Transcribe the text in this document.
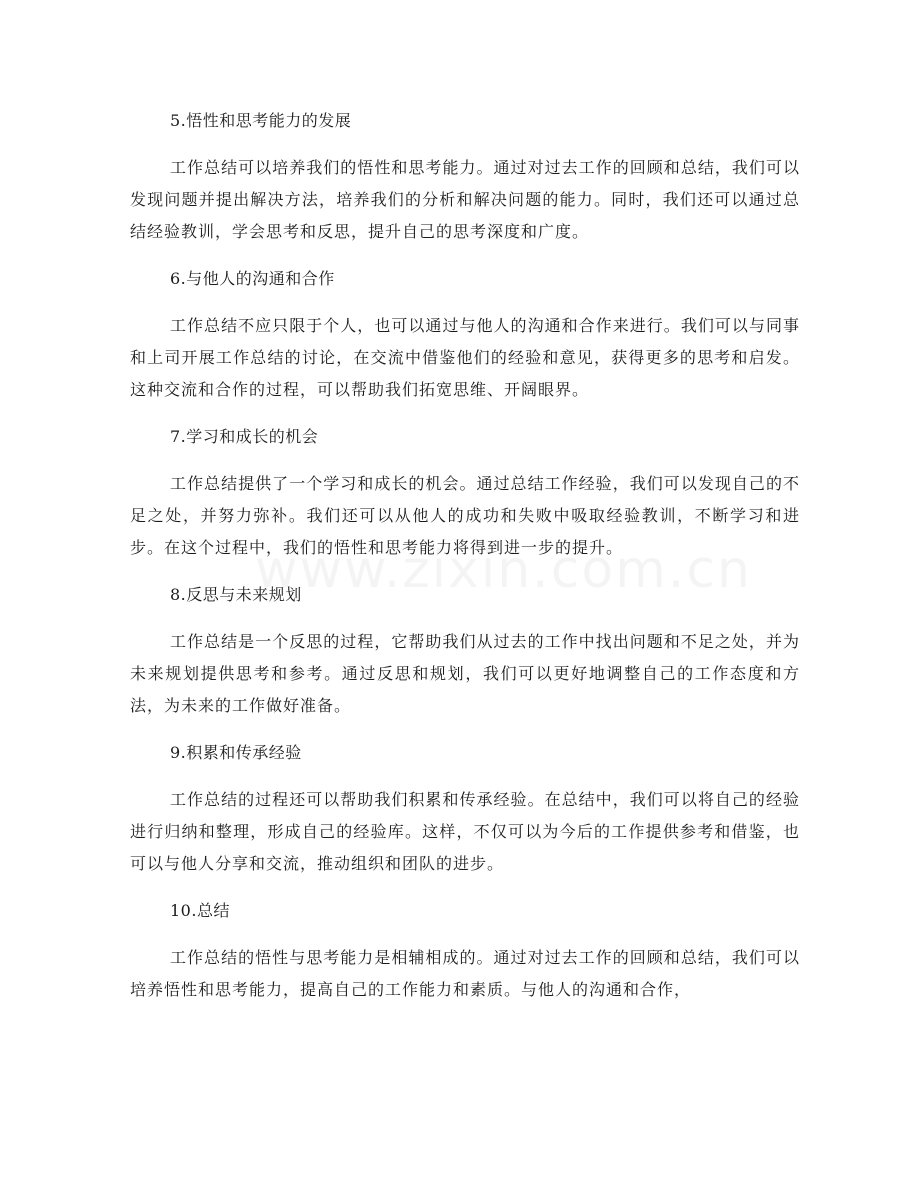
5.悟性和思考能力的发展

工作总结可以培养我们的悟性和思考能力。通过对过去工作的回顾和总结，我们可以发现问题并提出解决方法，培养我们的分析和解决问题的能力。同时，我们还可以通过总结经验教训，学会思考和反思，提升自己的思考深度和广度。

6.与他人的沟通和合作

工作总结不应只限于个人，也可以通过与他人的沟通和合作来进行。我们可以与同事和上司开展工作总结的讨论，在交流中借鉴他们的经验和意见，获得更多的思考和启发。这种交流和合作的过程，可以帮助我们拓宽思维、开阔眼界。

7.学习和成长的机会

工作总结提供了一个学习和成长的机会。通过总结工作经验，我们可以发现自己的不足之处，并努力弥补。我们还可以从他人的成功和失败中吸取经验教训，不断学习和进步。在这个过程中，我们的悟性和思考能力将得到进一步的提升。

8.反思与未来规划

工作总结是一个反思的过程，它帮助我们从过去的工作中找出问题和不足之处，并为未来规划提供思考和参考。通过反思和规划，我们可以更好地调整自己的工作态度和方法，为未来的工作做好准备。

9.积累和传承经验

工作总结的过程还可以帮助我们积累和传承经验。在总结中，我们可以将自己的经验进行归纳和整理，形成自己的经验库。这样，不仅可以为今后的工作提供参考和借鉴，也可以与他人分享和交流，推动组织和团队的进步。

10.总结

工作总结的悟性与思考能力是相辅相成的。通过对过去工作的回顾和总结，我们可以培养悟性和思考能力，提高自己的工作能力和素质。与他人的沟通和合作，
